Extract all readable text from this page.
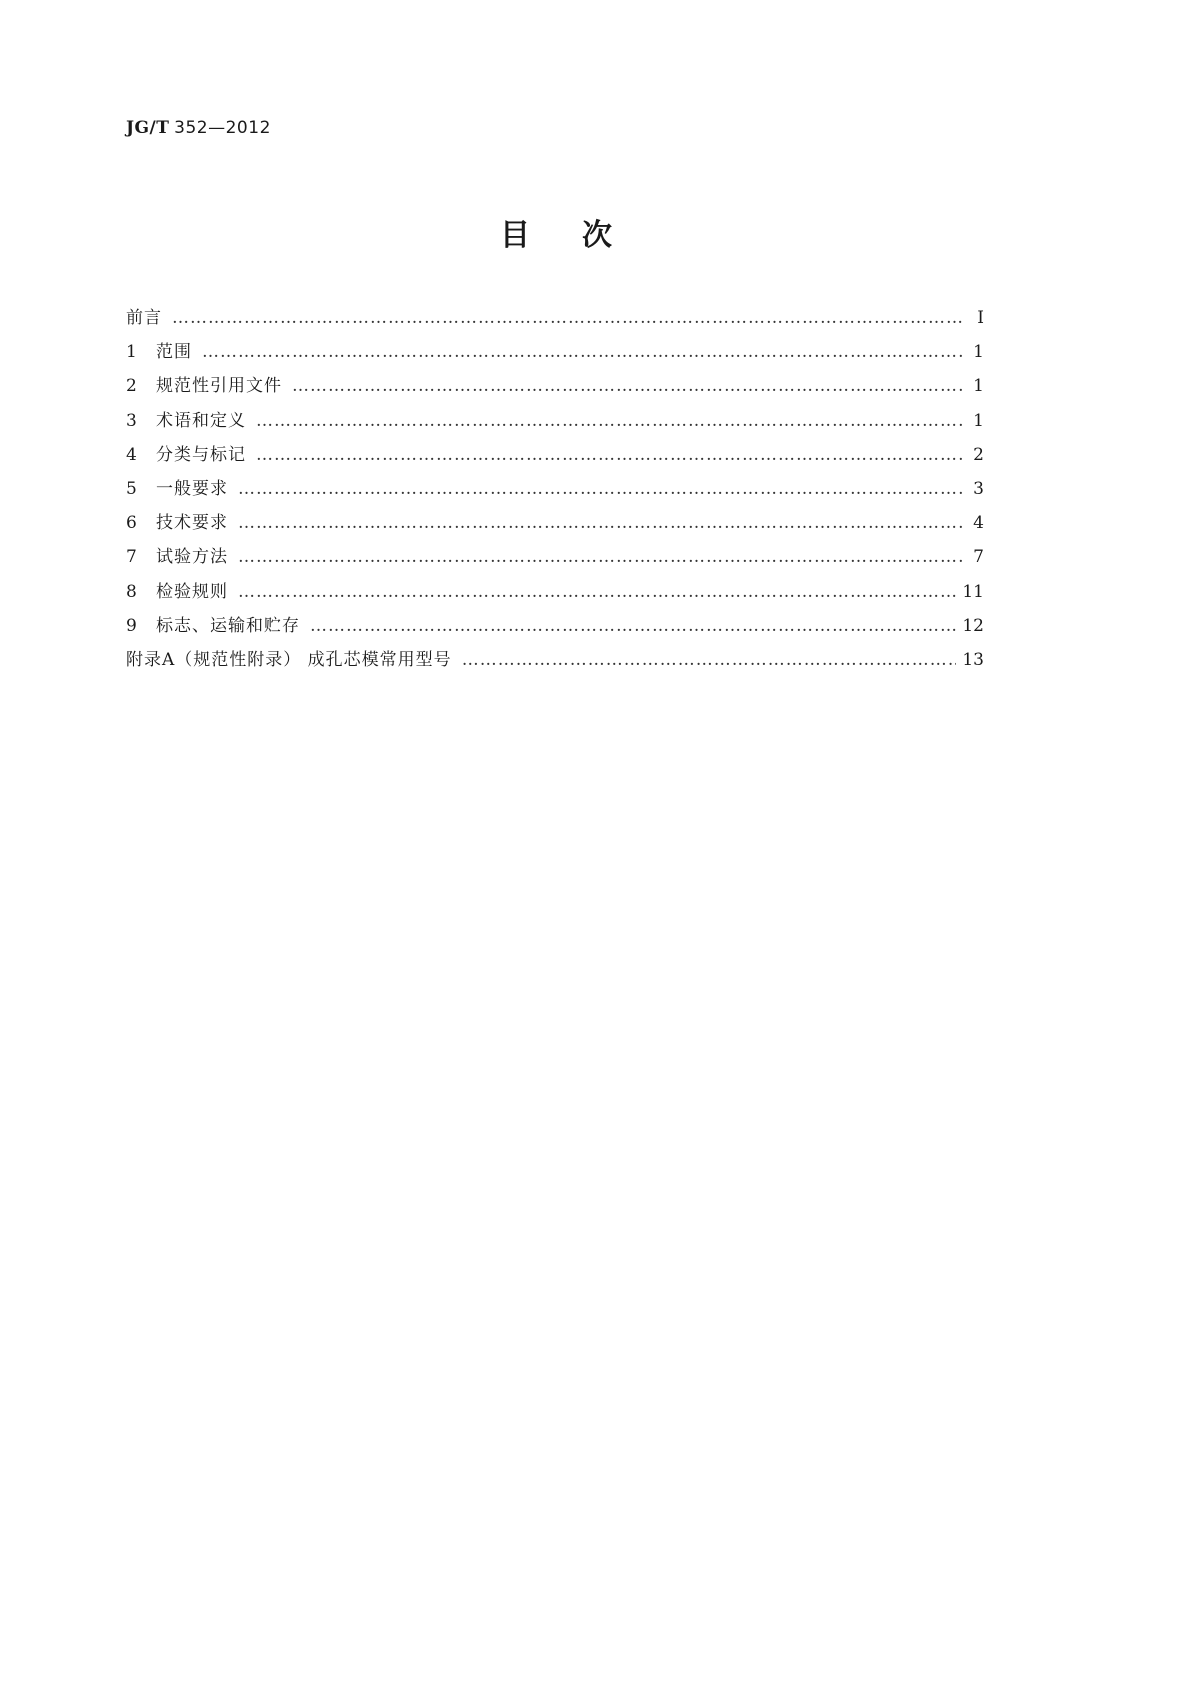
JG/T 352—2012
目次
前言 ……………………………………………………………………………………………………………………………………………………………………………………	Ⅰ
1	范围 ……………………………………………………………………………………………………………………………………………………………………………………	1
2	规范性引用文件 ……………………………………………………………………………………………………………………………………………………………………………………	1
3	术语和定义 ……………………………………………………………………………………………………………………………………………………………………………………	1
4	分类与标记 ……………………………………………………………………………………………………………………………………………………………………………………	2
5	一般要求 ……………………………………………………………………………………………………………………………………………………………………………………	3
6	技术要求 ……………………………………………………………………………………………………………………………………………………………………………………	4
7	试验方法 ……………………………………………………………………………………………………………………………………………………………………………………	7
8	检验规则 ……………………………………………………………………………………………………………………………………………………………………………………	11
9	标志、运输和贮存 ……………………………………………………………………………………………………………………………………………………………………………………	12
附录A（规范性附录） 成孔芯模常用型号 ……………………………………………………………………………………………………………………………………………………………………………………	13
